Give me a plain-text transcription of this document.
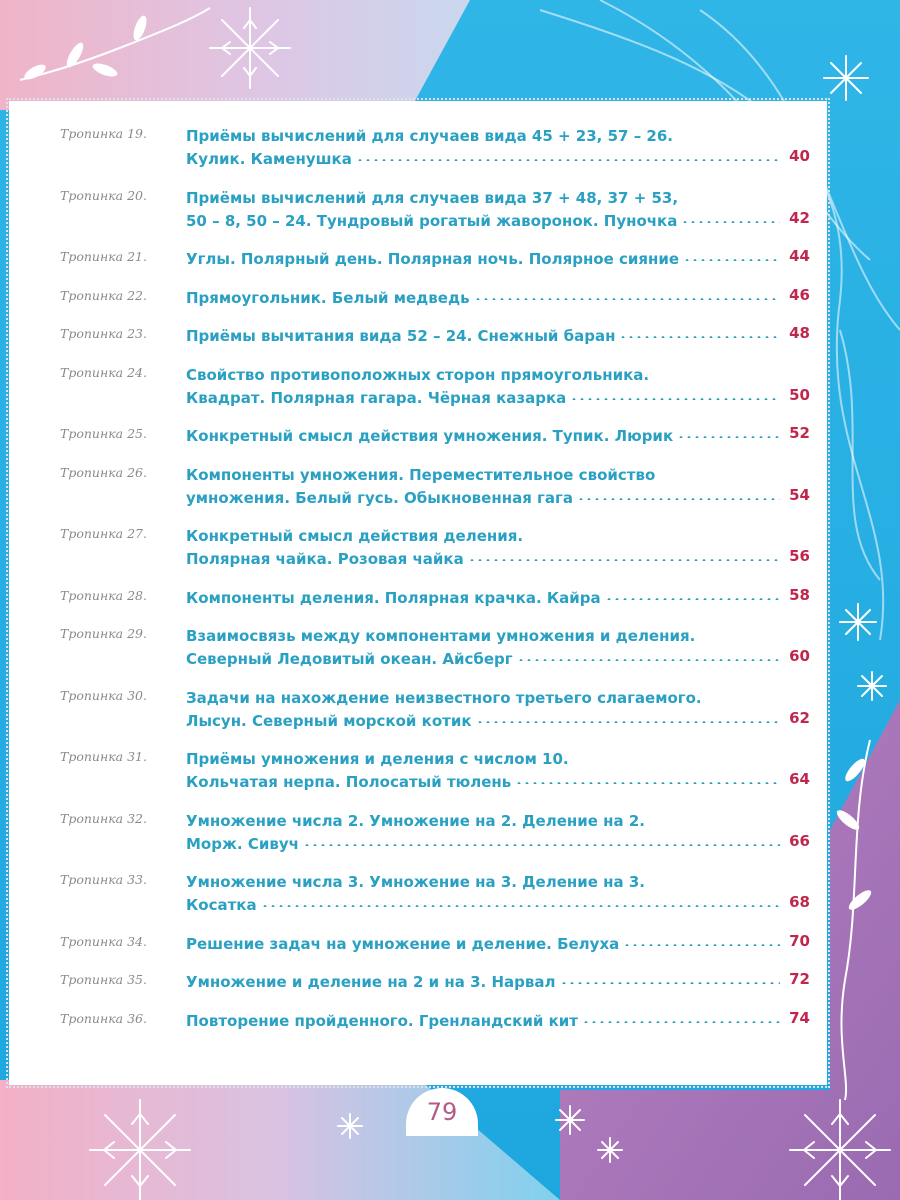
Тропинка 19.	Приёмы вычислений для случаев вида 45 + 23, 57 – 26.
Кулик. Каменушка	40
Тропинка 20.	Приёмы вычислений для случаев вида 37 + 48, 37 + 53,
50 – 8, 50 – 24. Тундровый рогатый жаворонок. Пуночка	42
Тропинка 21.	Углы. Полярный день. Полярная ночь. Полярное сияние	44
Тропинка 22.	Прямоугольник. Белый медведь	46
Тропинка 23.	Приёмы вычитания вида 52 – 24. Снежный баран	48
Тропинка 24.	Свойство противоположных сторон прямоугольника.
Квадрат. Полярная гагара. Чёрная казарка	50
Тропинка 25.	Конкретный смысл действия умножения. Тупик. Люрик	52
Тропинка 26.	Компоненты умножения. Переместительное свойство
умножения. Белый гусь. Обыкновенная гага	54
Тропинка 27.	Конкретный смысл действия деления.
Полярная чайка. Розовая чайка	56
Тропинка 28.	Компоненты деления. Полярная крачка. Кайра	58
Тропинка 29.	Взаимосвязь между компонентами умножения и деления.
Северный Ледовитый океан. Айсберг	60
Тропинка 30.	Задачи на нахождение неизвестного третьего слагаемого.
Лысун. Северный морской котик	62
Тропинка 31.	Приёмы умножения и деления с числом 10.
Кольчатая нерпа. Полосатый тюлень	64
Тропинка 32.	Умножение числа 2. Умножение на 2. Деление на 2.
Морж. Сивуч	66
Тропинка 33.	Умножение числа 3. Умножение на 3. Деление на 3.
Косатка	68
Тропинка 34.	Решение задач на умножение и деление. Белуха	70
Тропинка 35.	Умножение и деление на 2 и на 3. Нарвал	72
Тропинка 36.	Повторение пройденного. Гренландский кит	74
79
